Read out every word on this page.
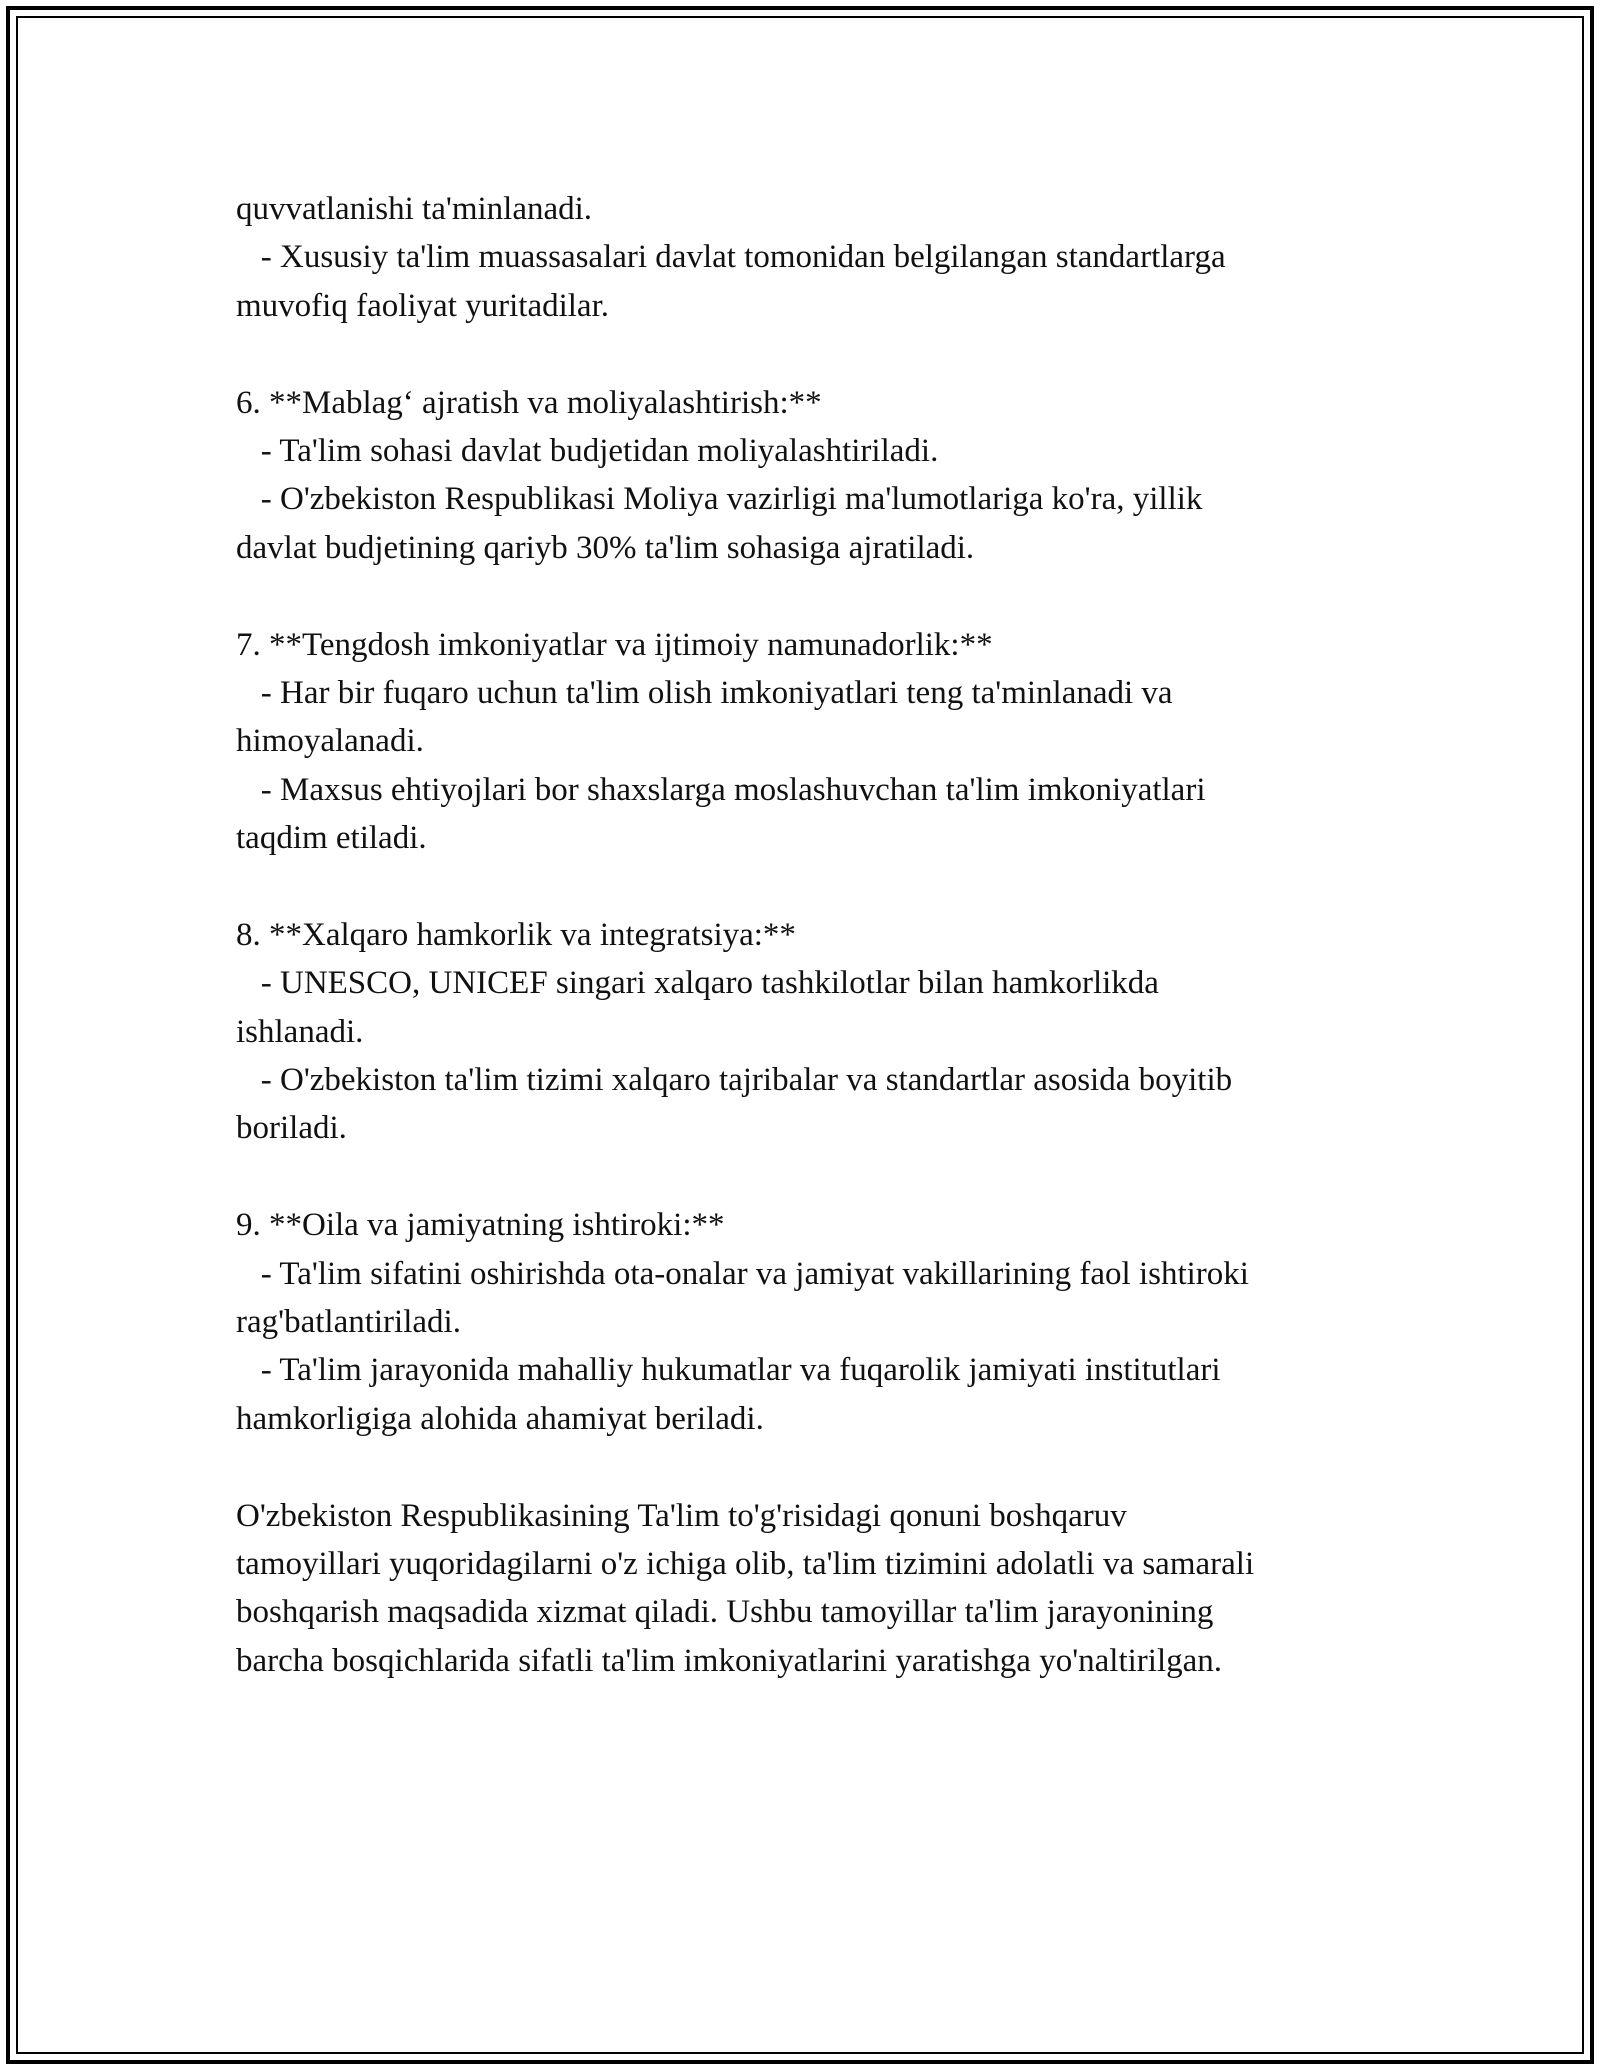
quvvatlanishi ta'minlanadi.

- Xususiy ta'lim muassasalari davlat tomonidan belgilangan standartlarga

muvofiq faoliyat yuritadilar.

6. **Mablag‘ ajratish va moliyalashtirish:**

- Ta'lim sohasi davlat budjetidan moliyalashtiriladi.

- O'zbekiston Respublikasi Moliya vazirligi ma'lumotlariga ko'ra, yillik

davlat budjetining qariyb 30% ta'lim sohasiga ajratiladi.

7. **Tengdosh imkoniyatlar va ijtimoiy namunadorlik:**

- Har bir fuqaro uchun ta'lim olish imkoniyatlari teng ta'minlanadi va

himoyalanadi.

- Maxsus ehtiyojlari bor shaxslarga moslashuvchan ta'lim imkoniyatlari

taqdim etiladi.

8. **Xalqaro hamkorlik va integratsiya:**

- UNESCO, UNICEF singari xalqaro tashkilotlar bilan hamkorlikda

ishlanadi.

- O'zbekiston ta'lim tizimi xalqaro tajribalar va standartlar asosida boyitib

boriladi.

9. **Oila va jamiyatning ishtiroki:**

- Ta'lim sifatini oshirishda ota-onalar va jamiyat vakillarining faol ishtiroki

rag'batlantiriladi.

- Ta'lim jarayonida mahalliy hukumatlar va fuqarolik jamiyati institutlari

hamkorligiga alohida ahamiyat beriladi.

O'zbekiston Respublikasining Ta'lim to'g'risidagi qonuni boshqaruv

tamoyillari yuqoridagilarni o'z ichiga olib, ta'lim tizimini adolatli va samarali

boshqarish maqsadida xizmat qiladi. Ushbu tamoyillar ta'lim jarayonining

barcha bosqichlarida sifatli ta'lim imkoniyatlarini yaratishga yo'naltirilgan.
